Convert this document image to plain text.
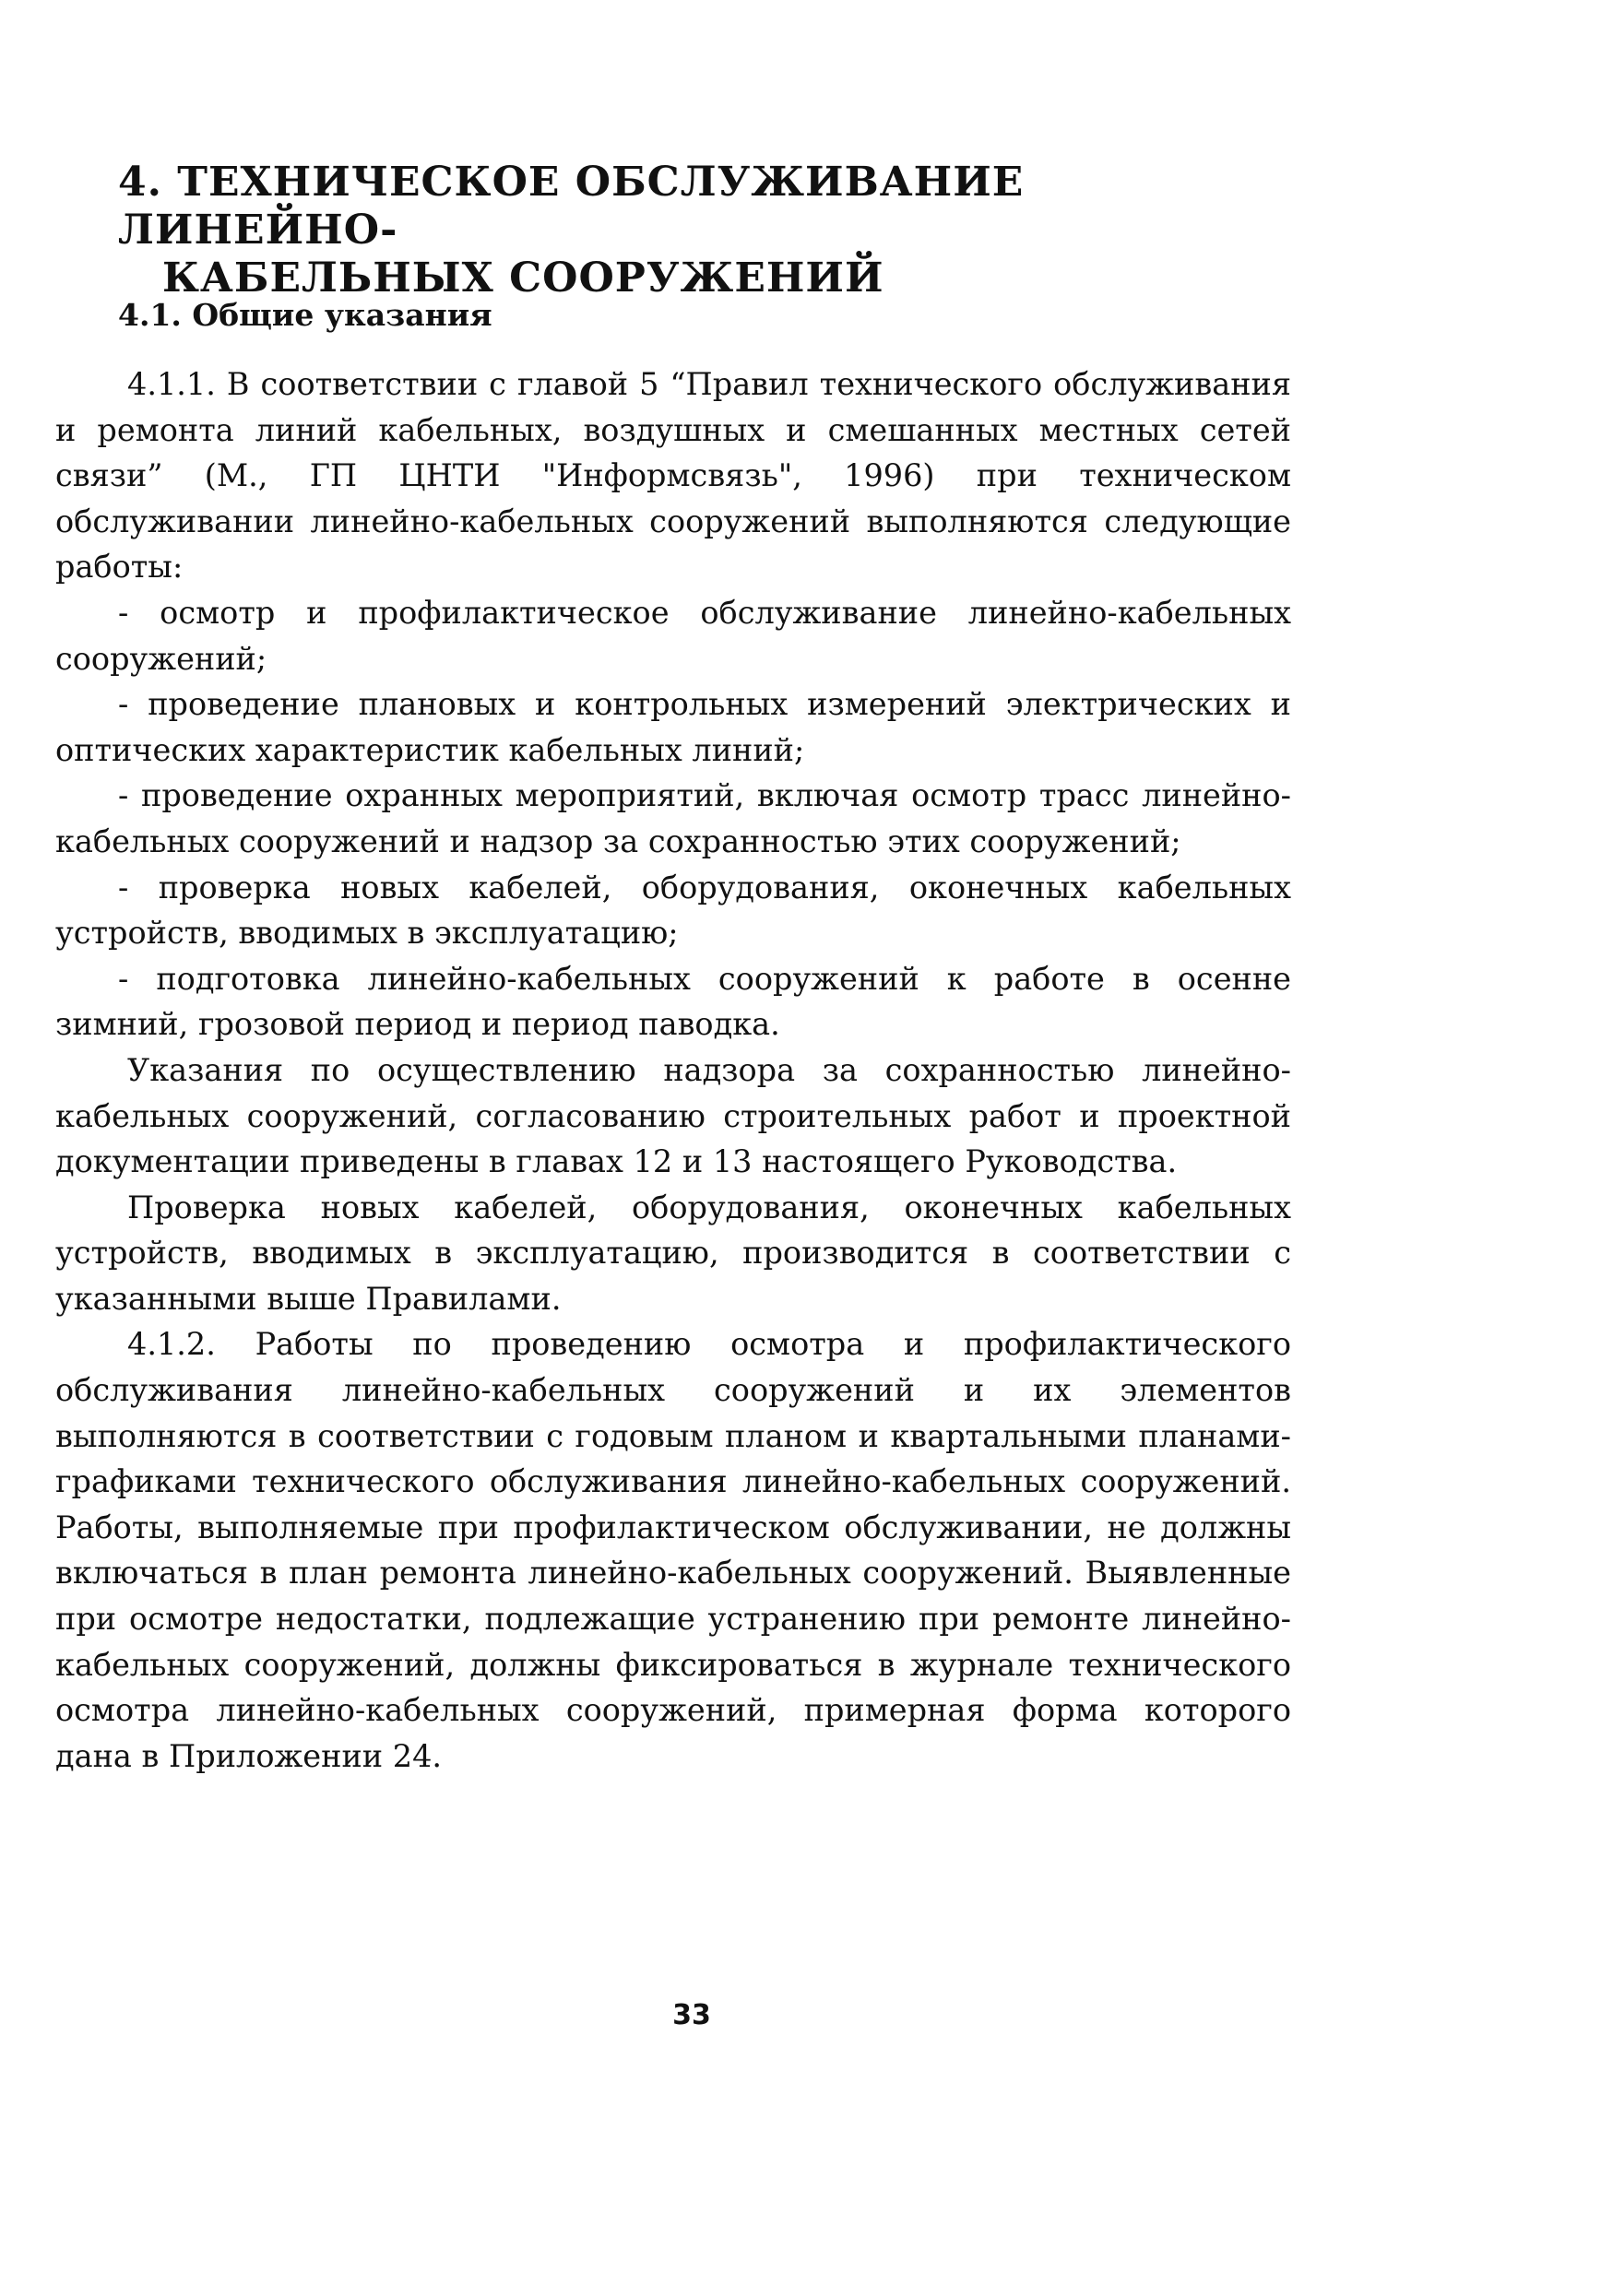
4. ТЕХНИЧЕСКОЕ ОБСЛУЖИВАНИЕ ЛИНЕЙНО-
КАБЕЛЬНЫХ СООРУЖЕНИЙ
4.1. Общие указания

4.1.1. В соответствии с главой 5 “Правил технического обслуживания и ремонта линий кабельных, воздушных и смешанных местных сетей связи” (М., ГП ЦНТИ "Информсвязь", 1996) при техническом обслуживании линейно-кабельных сооружений выполняются следующие работы:

- осмотр и профилактическое обслуживание линейно-кабельных сооружений;

- проведение плановых и контрольных измерений электрических и оптических характеристик кабельных линий;

- проведение охранных мероприятий, включая осмотр трасс линейно-кабельных сооружений и надзор за сохранностью этих сооружений;

- проверка новых кабелей, оборудования, оконечных кабельных устройств, вводимых в эксплуатацию;

- подготовка линейно-кабельных сооружений к работе в осенне зимний, грозовой период и период паводка.

Указания по осуществлению надзора за сохранностью линейно-кабельных сооружений, согласованию строительных работ и проектной документации приведены в главах 12 и 13 настоящего Руководства.

Проверка новых кабелей, оборудования, оконечных кабельных устройств, вводимых в эксплуатацию, производится в соответствии с указанными выше Правилами.

4.1.2. Работы по проведению осмотра и профилактического обслуживания линейно-кабельных сооружений и их элементов выполняются в соответствии с годовым планом и квартальными планами-графиками технического обслуживания линейно-кабельных сооружений. Работы, выполняемые при профилактическом обслуживании, не должны включаться в план ремонта линейно-кабельных сооружений. Выявленные при осмотре недостатки, подлежащие устранению при ремонте линейно-кабельных сооружений, должны фиксироваться в журнале технического осмотра линейно-кабельных сооружений, примерная форма которого дана в Приложении 24.

33
